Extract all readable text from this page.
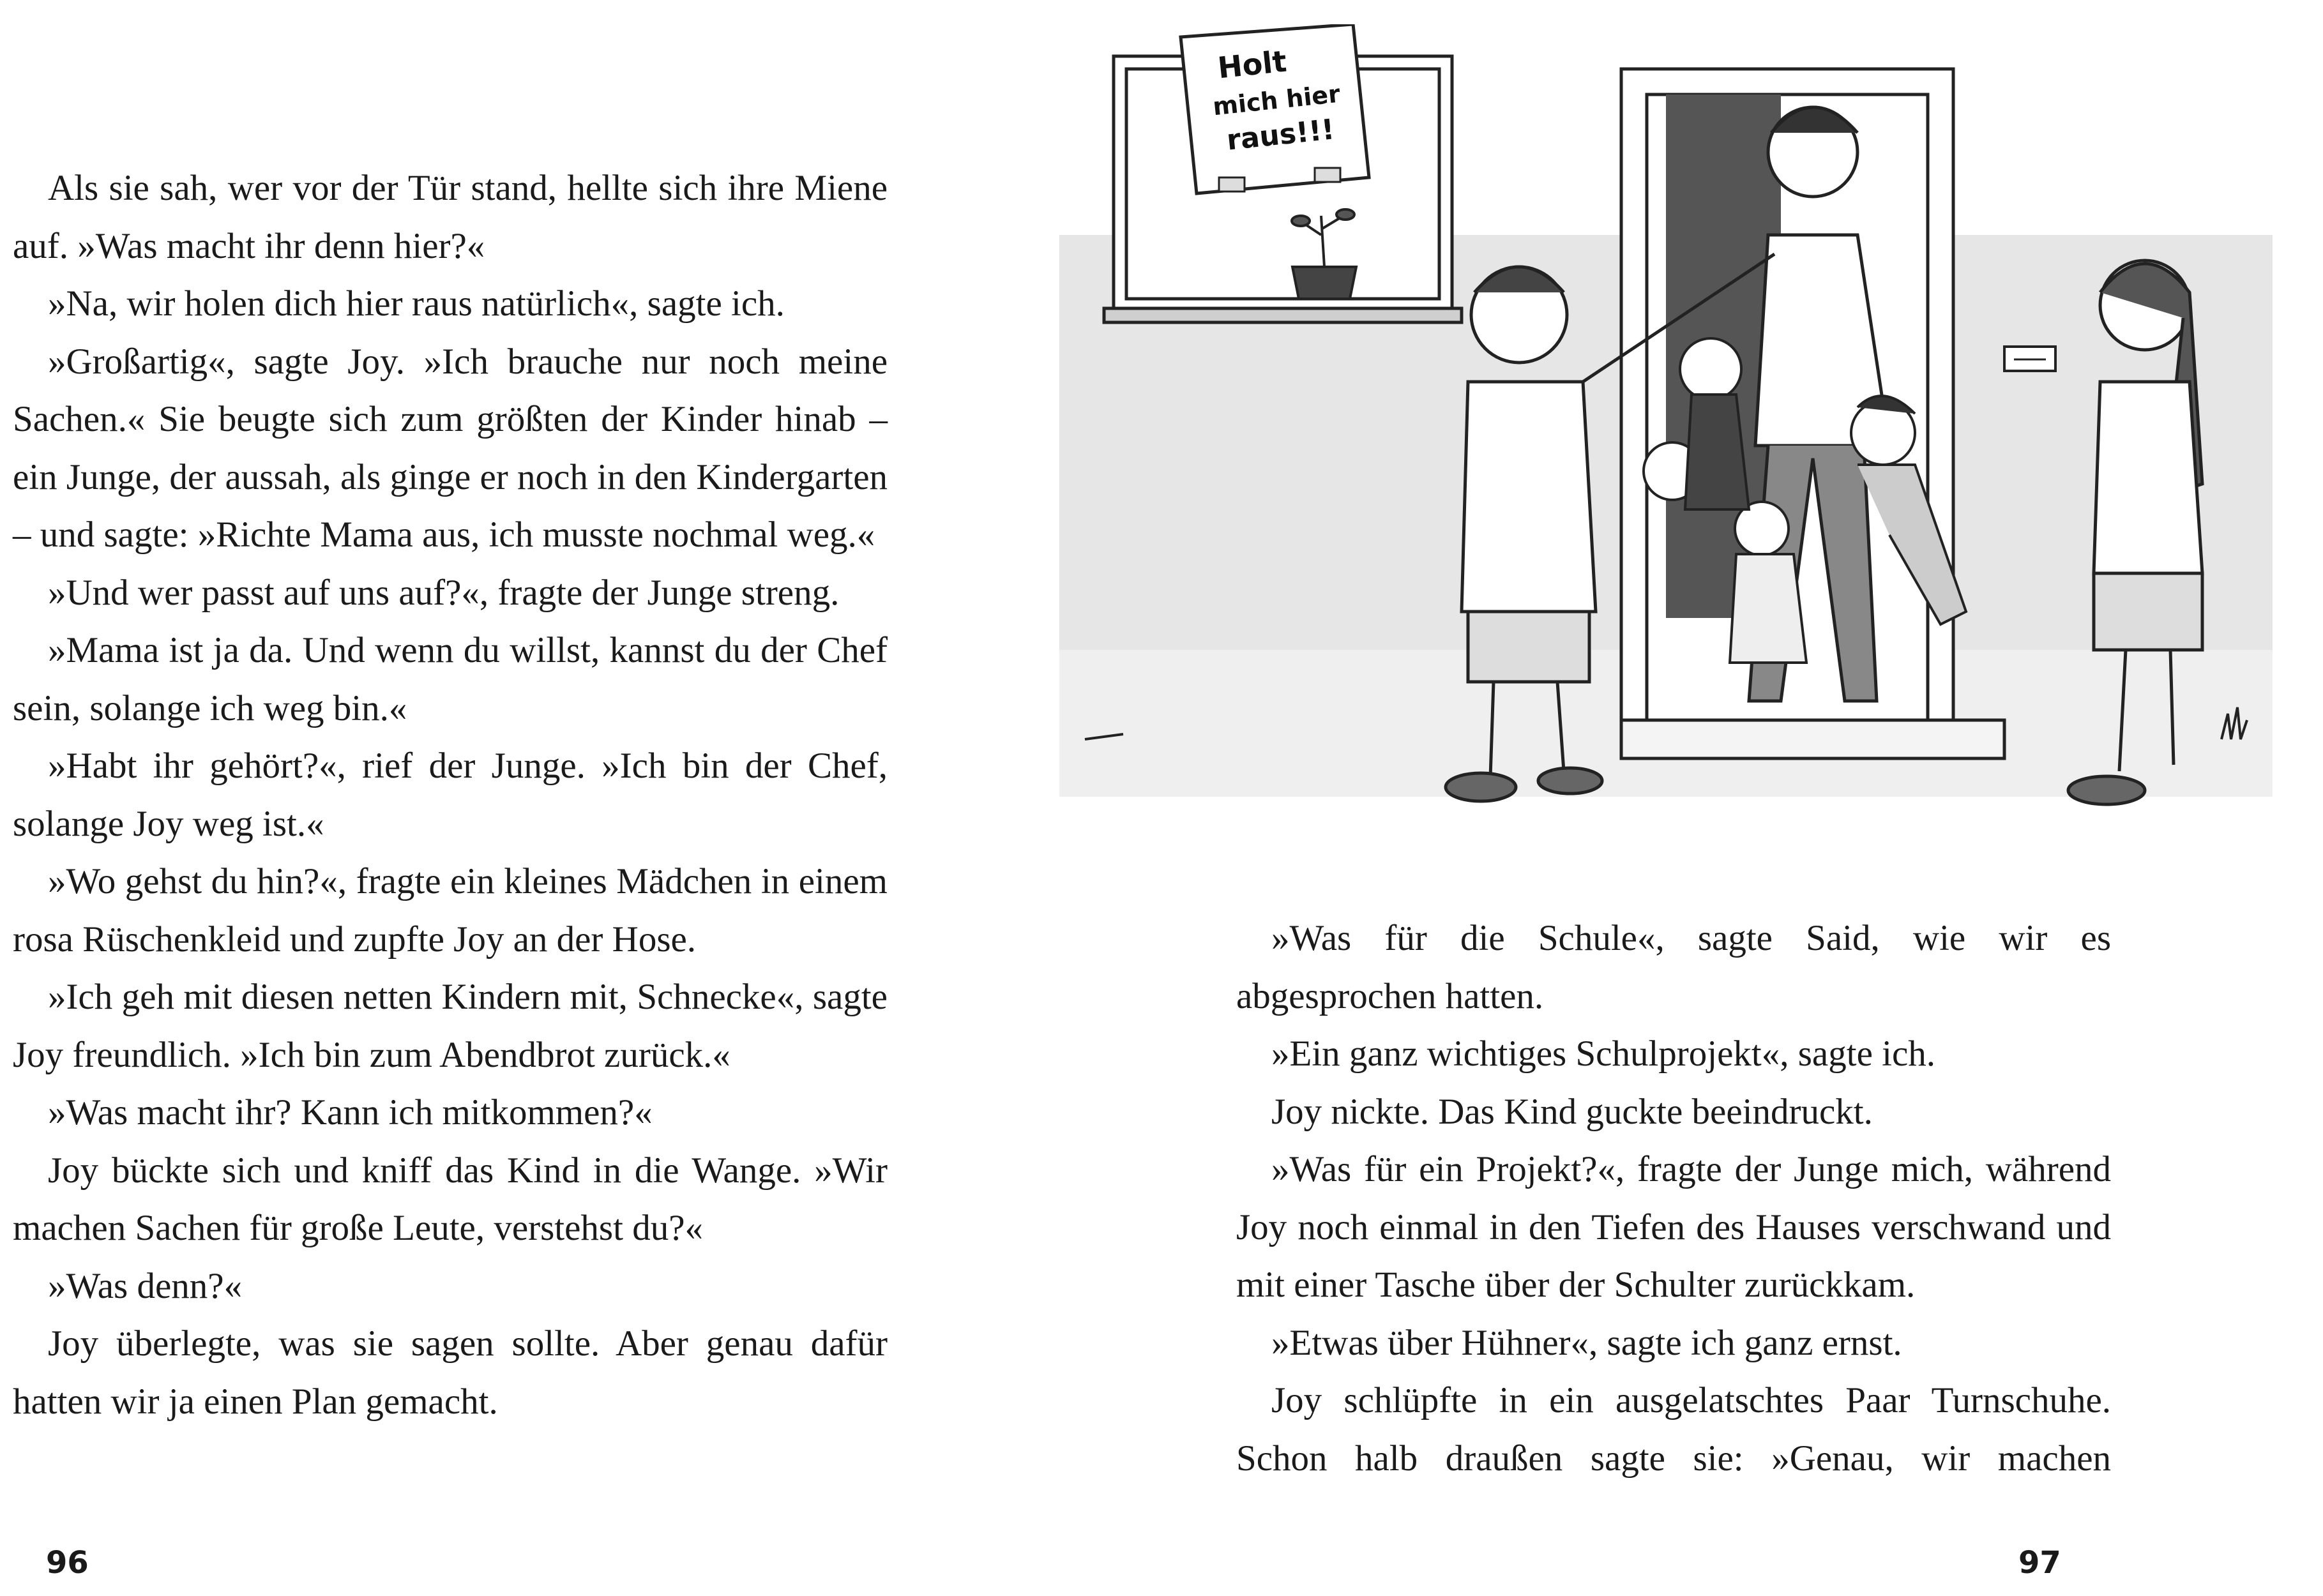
Als sie sah, wer vor der Tür stand, hellte sich ihre Miene auf. »Was macht ihr denn hier?«

»Na, wir holen dich hier raus natürlich«, sagte ich.

»Großartig«, sagte Joy. »Ich brauche nur noch meine Sachen.« Sie beugte sich zum größten der Kinder hinab – ein Junge, der aussah, als ginge er noch in den Kindergarten – und sagte: »Richte Mama aus, ich musste nochmal weg.«

»Und wer passt auf uns auf?«, fragte der Junge streng.

»Mama ist ja da. Und wenn du willst, kannst du der Chef sein, solange ich weg bin.«

»Habt ihr gehört?«, rief der Junge. »Ich bin der Chef, solange Joy weg ist.«

»Wo gehst du hin?«, fragte ein kleines Mädchen in einem rosa Rüschenkleid und zupfte Joy an der Hose.

»Ich geh mit diesen netten Kindern mit, Schnecke«, sagte Joy freundlich. »Ich bin zum Abendbrot zurück.«

»Was macht ihr? Kann ich mitkommen?«

Joy bückte sich und kniff das Kind in die Wange. »Wir machen Sachen für große Leute, verstehst du?«

»Was denn?«

Joy überlegte, was sie sagen sollte. Aber genau dafür hatten wir ja einen Plan gemacht.

96
Holt
mich hier
raus!!!

»Was für die Schule«, sagte Said, wie wir es abgesprochen hatten.

»Ein ganz wichtiges Schulprojekt«, sagte ich.

Joy nickte. Das Kind guckte beeindruckt.

»Was für ein Projekt?«, fragte der Junge mich, während Joy noch einmal in den Tiefen des Hauses verschwand und mit einer Tasche über der Schulter zurückkam.

»Etwas über Hühner«, sagte ich ganz ernst.

Joy schlüpfte in ein ausgelatschtes Paar Turnschuhe. Schon halb draußen sagte sie: »Genau, wir machen

97
